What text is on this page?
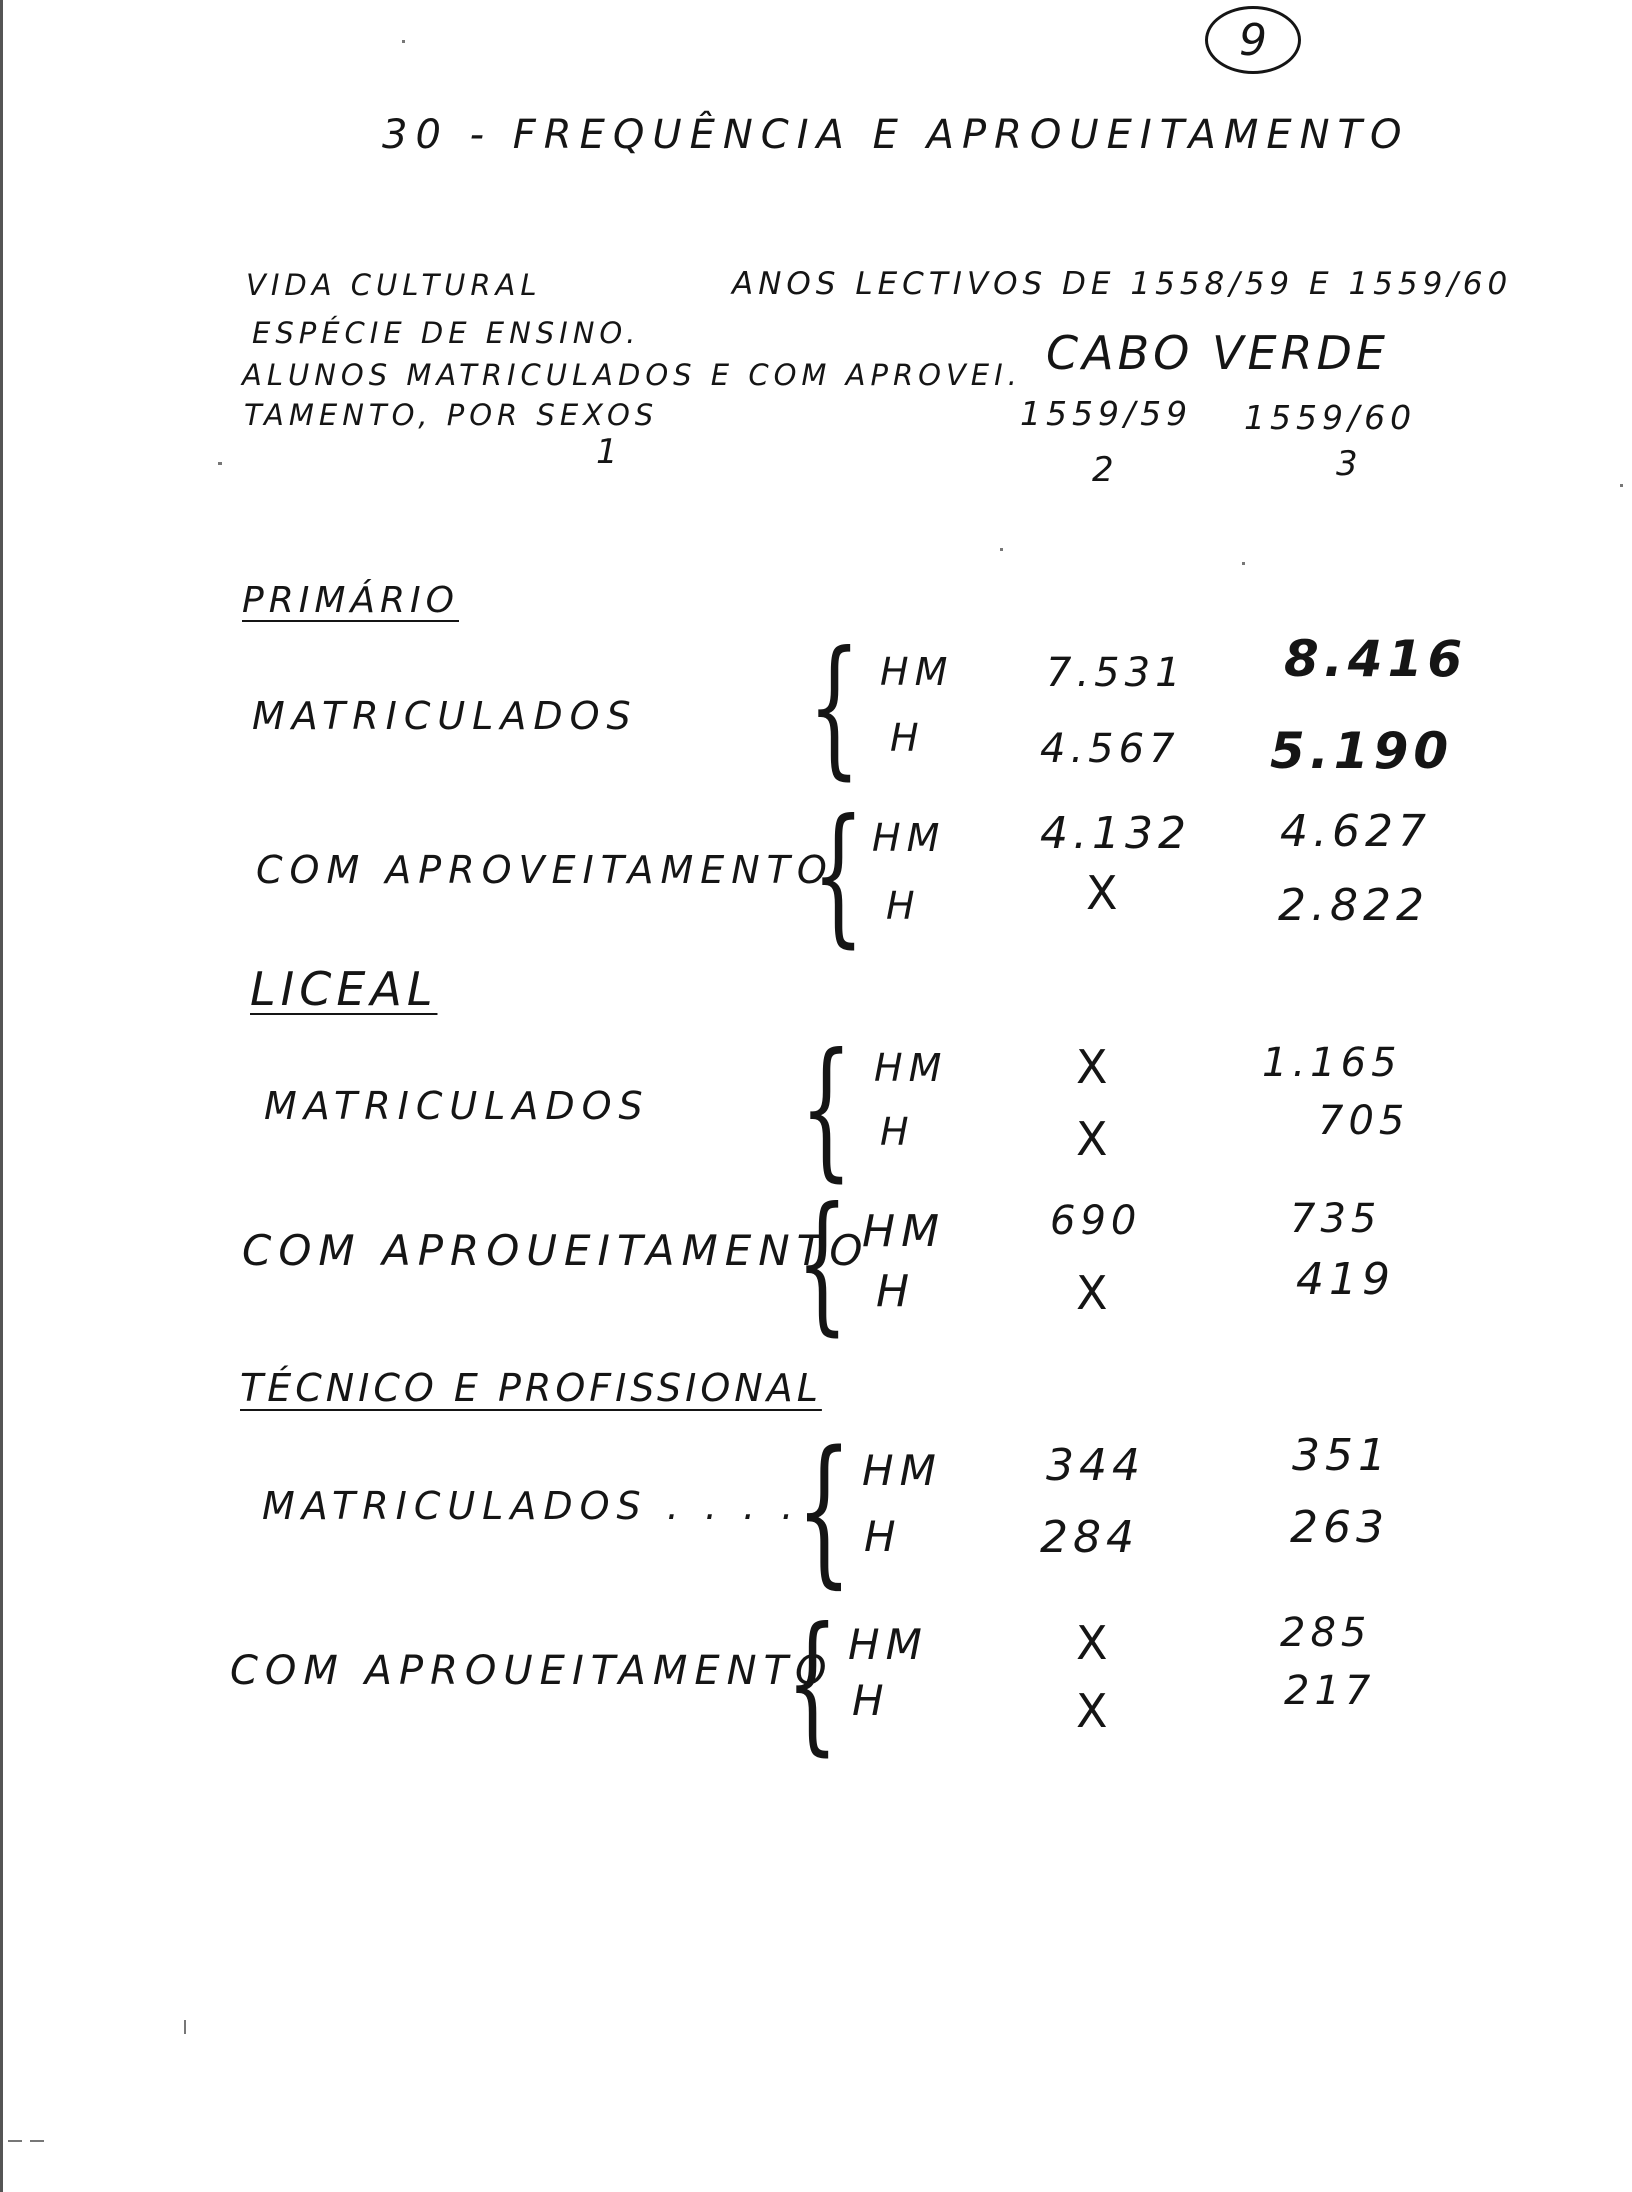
9
30 - FREQUÊNCIA E APROUEITAMENTO
VIDA CULTURAL
ESPÉCIE DE ENSINO.
ALUNOS MATRICULADOS E COM APROVEI.
TAMENTO, POR SEXOS
ANOS LECTIVOS DE 1558/59 E 1559/60
CABO VERDE
1559/59 1559/60
1	2	3
PRIMÁRIO
MATRICULADOS { HM
H
7.531
4.567
8.416
5.190
COM APROVEITAMENTO
{ HM
H
4.132
X
4.627
2.822
LICEAL
MATRICULADOS { HM
H
X
X
1.165
705
COM APROUEITAMENTO
{ HM
H
690
X
735
419
TÉCNICO E PROFISSIONAL
MATRICULADOS . . . .
{ HM
H
344
284
351
263
COM APROUEITAMENTO
{ HM
H
X
X
285
217
